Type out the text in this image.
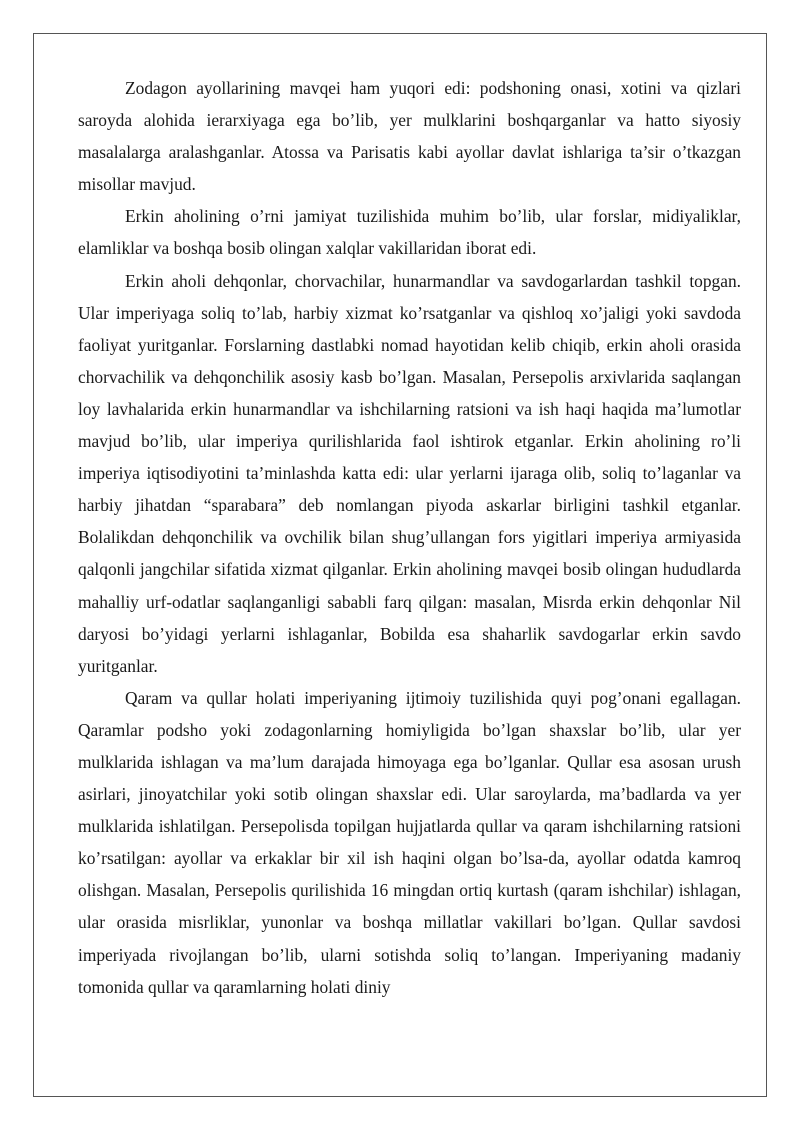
Zodagon ayollarining mavqei ham yuqori edi: podshoning onasi, xotini va qizlari saroyda alohida ierarxiyaga ega bo’lib, yer mulklarini boshqarganlar va hatto siyosiy masalalarga aralashganlar. Atossa va Parisatis kabi ayollar davlat ishlariga ta’sir o’tkazgan misollar mavjud.

Erkin aholining o’rni jamiyat tuzilishida muhim bo’lib, ular forslar, midiyaliklar, elamliklar va boshqa bosib olingan xalqlar vakillaridan iborat edi.

Erkin aholi dehqonlar, chorvachilar, hunarmandlar va savdogarlardan tashkil topgan. Ular imperiyaga soliq to’lab, harbiy xizmat ko’rsatganlar va qishloq xo’jaligi yoki savdoda faoliyat yuritganlar. Forslarning dastlabki nomad hayotidan kelib chiqib, erkin aholi orasida chorvachilik va dehqonchilik asosiy kasb bo’lgan. Masalan, Persepolis arxivlarida saqlangan loy lavhalarida erkin hunarmandlar va ishchilarning ratsioni va ish haqi haqida ma’lumotlar mavjud bo’lib, ular imperiya qurilishlarida faol ishtirok etganlar. Erkin aholining ro’li imperiya iqtisodiyotini ta’minlashda katta edi: ular yerlarni ijaraga olib, soliq to’laganlar va harbiy jihatdan “sparabara” deb nomlangan piyoda askarlar birligini tashkil etganlar. Bolalikdan dehqonchilik va ovchilik bilan shug’ullangan fors yigitlari imperiya armiyasida qalqonli jangchilar sifatida xizmat qilganlar. Erkin aholining mavqei bosib olingan hududlarda mahalliy urf-odatlar saqlanganligi sababli farq qilgan: masalan, Misrda erkin dehqonlar Nil daryosi bo’yidagi yerlarni ishlaganlar, Bobilda esa shaharlik savdogarlar erkin savdo yuritganlar.

Qaram va qullar holati imperiyaning ijtimoiy tuzilishida quyi pog’onani egallagan. Qaramlar podsho yoki zodagonlarning homiyligida bo’lgan shaxslar bo’lib, ular yer mulklarida ishlagan va ma’lum darajada himoyaga ega bo’lganlar. Qullar esa asosan urush asirlari, jinoyatchilar yoki sotib olingan shaxslar edi. Ular saroylarda, ma’badlarda va yer mulklarida ishlatilgan. Persepolisda topilgan hujjatlarda qullar va qaram ishchilarning ratsioni ko’rsatilgan: ayollar va erkaklar bir xil ish haqini olgan bo’lsa-da, ayollar odatda kamroq olishgan. Masalan, Persepolis qurilishida 16 mingdan ortiq kurtash (qaram ishchilar) ishlagan, ular orasida misrliklar, yunonlar va boshqa millatlar vakillari bo’lgan. Qullar savdosi imperiyada rivojlangan bo’lib, ularni sotishda soliq to’langan. Imperiyaning madaniy tomonida qullar va qaramlarning holati diniy
